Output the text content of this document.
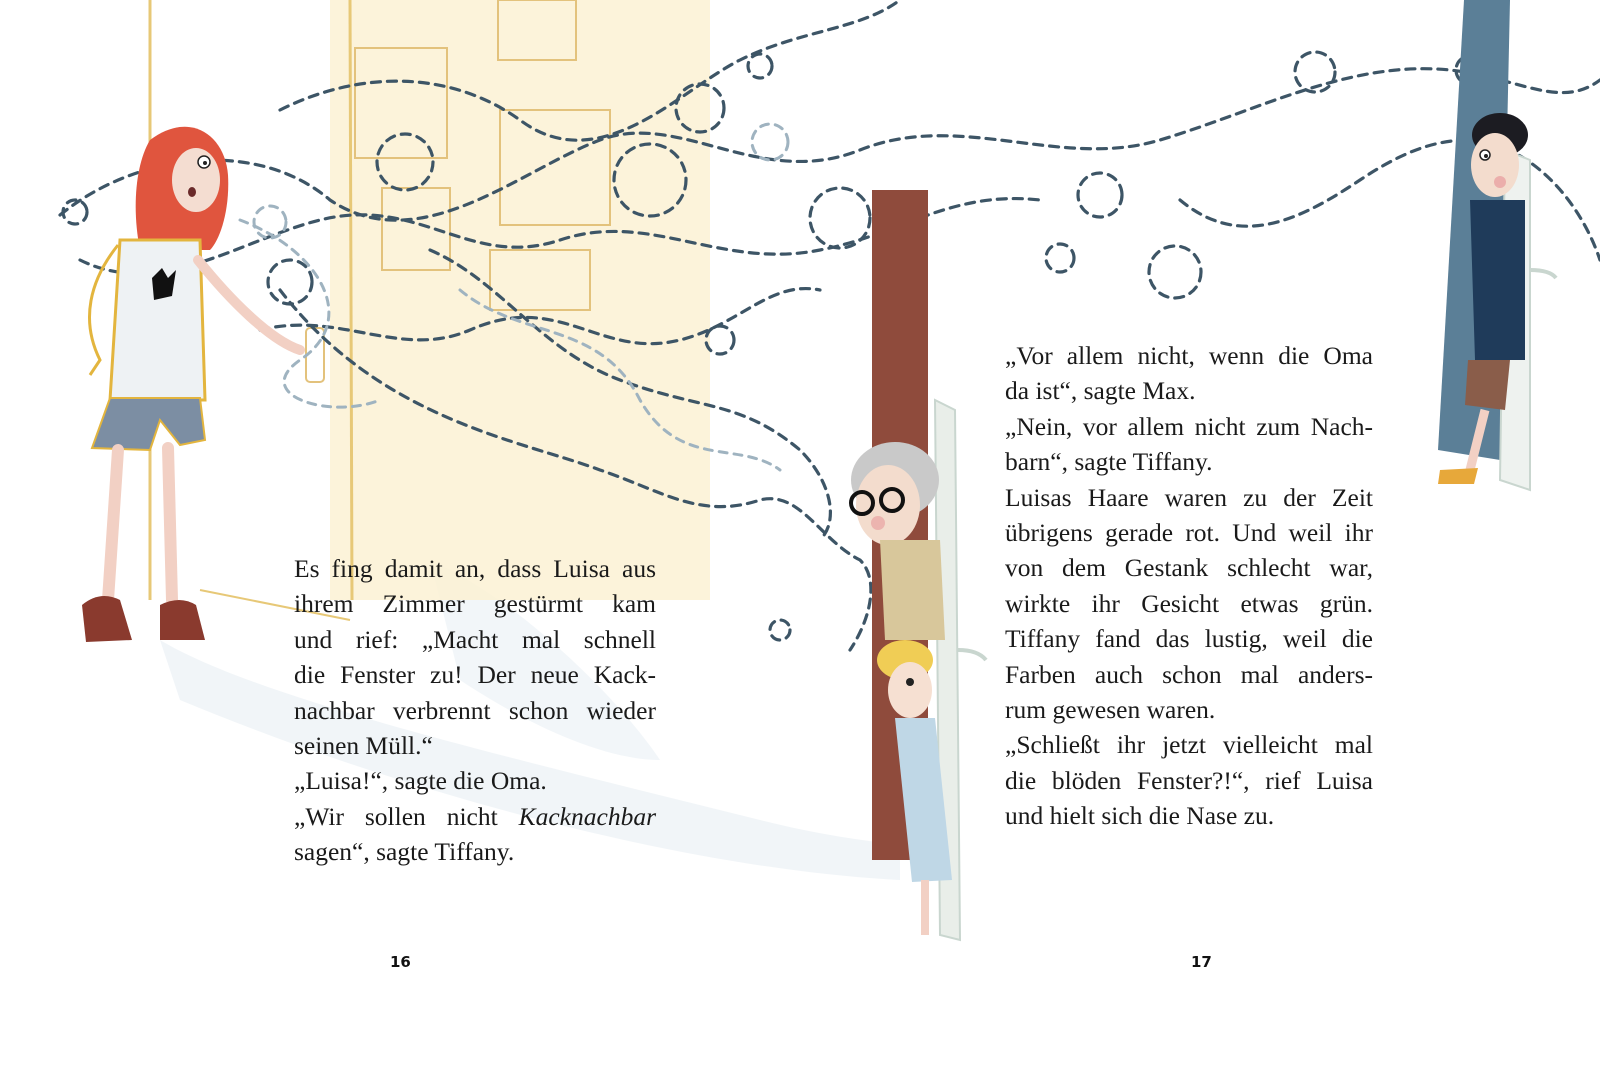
Es fing damit an, dass Luisa aus
ihrem Zimmer gestürmt kam
und rief: „Macht mal schnell
die Fenster zu! Der neue Kack-
nachbar verbrennt schon wieder
seinen Müll.“
„Luisa!“, sagte die Oma.
„Wir sollen nicht Kacknachbar
sagen“, sagte Tiffany.
„Vor allem nicht, wenn die Oma
da ist“, sagte Max.
„Nein, vor allem nicht zum Nach-
barn“, sagte Tiffany.
Luisas Haare waren zu der Zeit
übrigens gerade rot. Und weil ihr
von dem Gestank schlecht war,
wirkte ihr Gesicht etwas grün.
Tiffany fand das lustig, weil die
Farben auch schon mal anders-
rum gewesen waren.
„Schließt ihr jetzt vielleicht mal
die blöden Fenster?!“, rief Luisa
und hielt sich die Nase zu.
16	17
